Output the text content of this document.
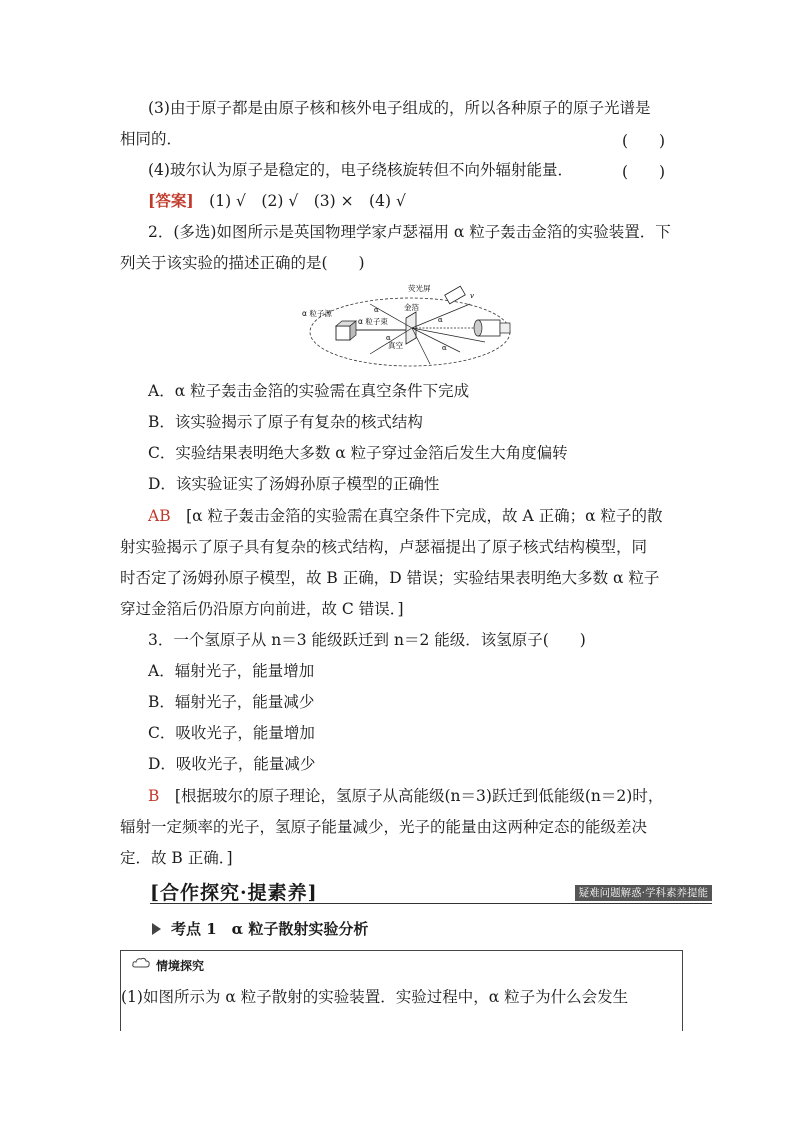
(3)由于原子都是由原子核和核外电子组成的，所以各种原子的原子光谱是
相同的．	(　　)
(4)玻尔认为原子是稳定的，电子绕核旋转但不向外辐射能量．	(　　)
[答案]　(1) √　(2) √　(3) ×　(4) √
2．(多选)如图所示是英国物理学家卢瑟福用 α 粒子轰击金箔的实验装置．下
列关于该实验的描述正确的是(　　)
α 粒子源
α 粒子束
金箔
荧光屏
真空
v
α
α
α
α
A．α 粒子轰击金箔的实验需在真空条件下完成
B．该实验揭示了原子有复杂的核式结构
C．实验结果表明绝大多数 α 粒子穿过金箔后发生大角度偏转
D．该实验证实了汤姆孙原子模型的正确性
AB  [α 粒子轰击金箔的实验需在真空条件下完成，故 A 正确；α 粒子的散
射实验揭示了原子具有复杂的核式结构，卢瑟福提出了原子核式结构模型，同
时否定了汤姆孙原子模型，故 B 正确，D 错误；实验结果表明绝大多数 α 粒子
穿过金箔后仍沿原方向前进，故 C 错误．]
3．一个氢原子从 n＝3 能级跃迁到 n＝2 能级．该氢原子(　　)
A．辐射光子，能量增加
B．辐射光子，能量减少
C．吸收光子，能量增加
D．吸收光子，能量减少
B  [根据玻尔的原子理论，氢原子从高能级(n＝3)跃迁到低能级(n＝2)时，
辐射一定频率的光子，氢原子能量减少，光子的能量由这两种定态的能级差决
定．故 B 正确．]
[合作探究·提素养]	疑难问题解惑·学科素养提能
考点 1　α 粒子散射实验分析
情境探究
(1)如图所示为 α 粒子散射的实验装置．实验过程中，α 粒子为什么会发生
